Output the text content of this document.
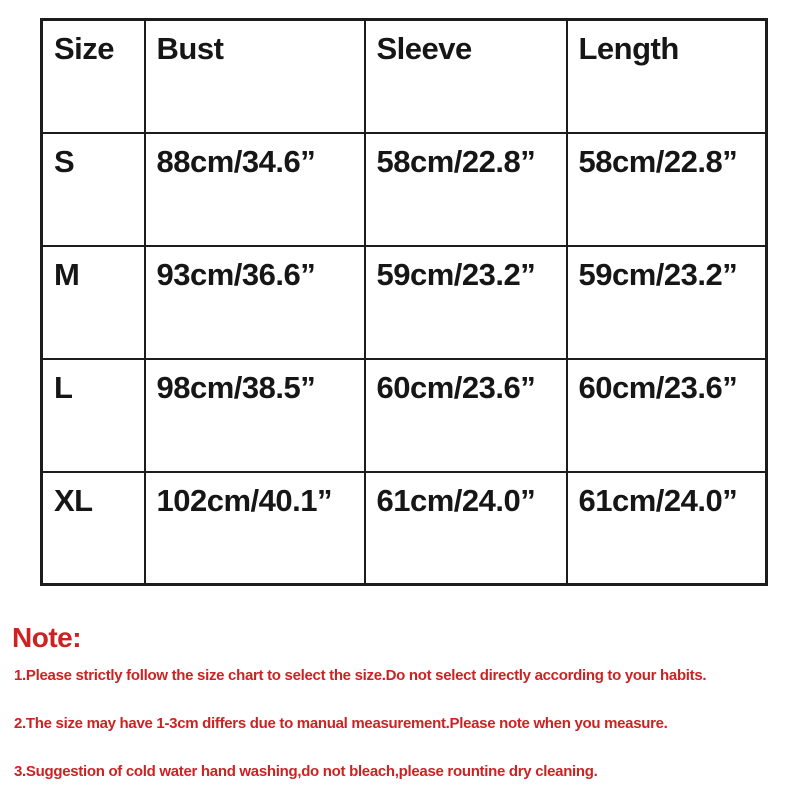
Size	Bust	Sleeve	Length
S	88cm/34.6”	58cm/22.8”	58cm/22.8”
M	93cm/36.6”	59cm/23.2”	59cm/23.2”
L	98cm/38.5”	60cm/23.6”	60cm/23.6”
XL	102cm/40.1”	61cm/24.0”	61cm/24.0”
Note:

1.Please strictly follow the size chart to select the size.Do not select directly according to your habits.

2.The size may have 1-3cm differs due to manual measurement.Please note when you measure.

3.Suggestion of cold water hand washing,do not bleach,please rountine dry cleaning.
